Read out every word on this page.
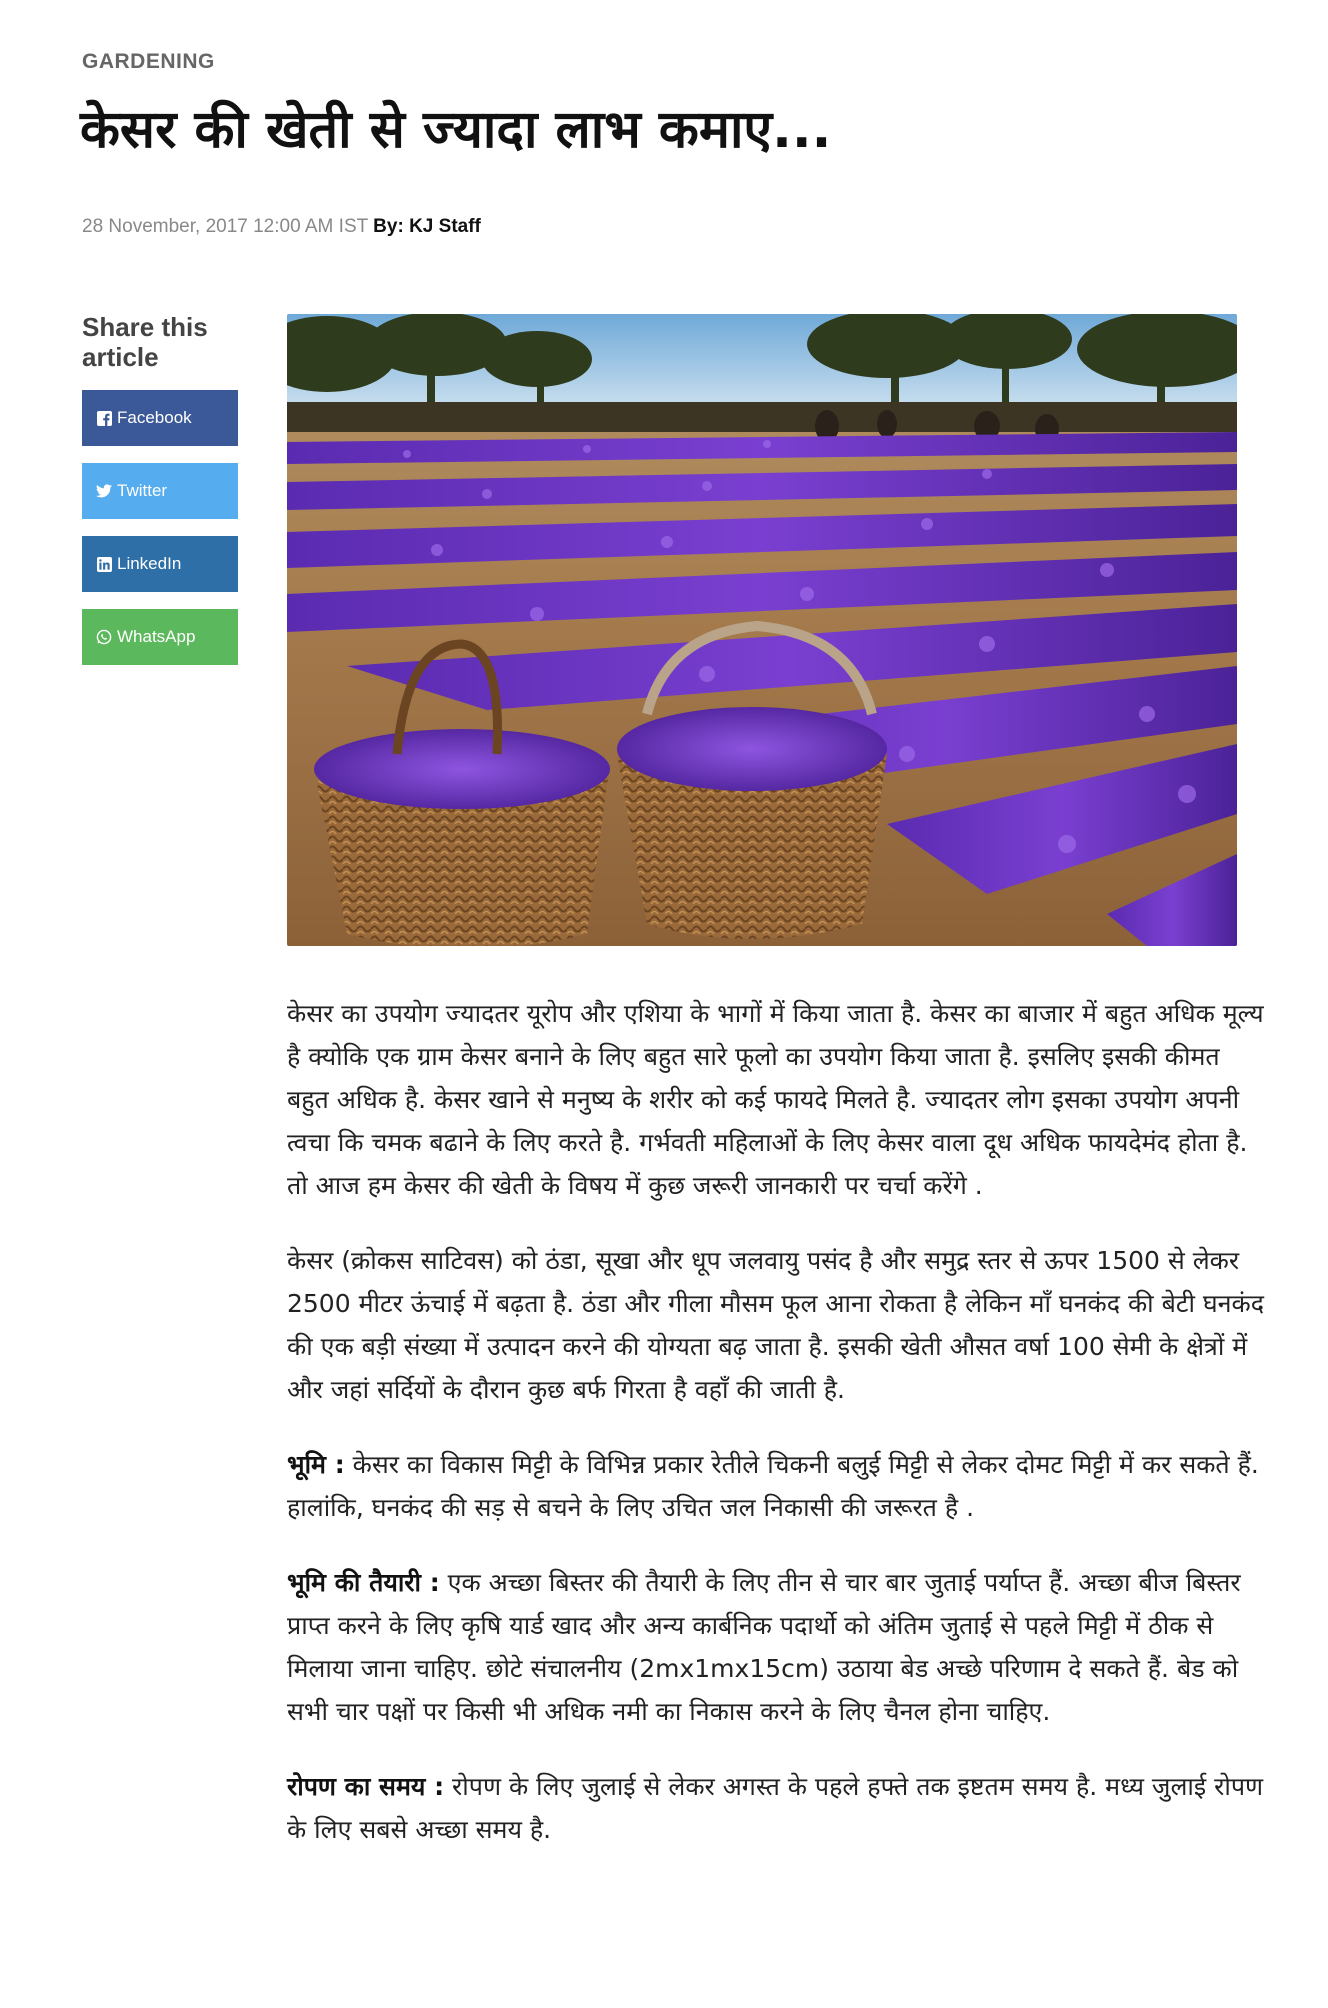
GARDENING
केसर की खेती से ज्यादा लाभ कमाए...
28 November, 2017 12:00 AM IST By: KJ Staff
Share this article
Facebook
Twitter
LinkedIn
WhatsApp

केसर का उपयोग ज्यादतर यूरोप और एशिया के भागों में किया जाता है. केसर का बाजार में बहुत अधिक मूल्य है क्योकि एक ग्राम केसर बनाने के लिए बहुत सारे फूलो का उपयोग किया जाता है. इसलिए इसकी कीमत बहुत अधिक है. केसर खाने से मनुष्य के शरीर को कई फायदे मिलते है. ज्यादतर लोग इसका उपयोग अपनी त्वचा कि चमक बढाने के लिए करते है. गर्भवती महिलाओं के लिए केसर वाला दूध अधिक फायदेमंद होता है. तो आज हम केसर की खेती के विषय में कुछ जरूरी जानकारी पर चर्चा करेंगे .

केसर (क्रोकस साटिवस) को ठंडा, सूखा और धूप जलवायु पसंद है और समुद्र स्तर से ऊपर 1500 से लेकर 2500 मीटर ऊंचाई में बढ़ता है. ठंडा और गीला मौसम फूल आना रोकता है लेकिन माँ घनकंद की बेटी घनकंद की एक बड़ी संख्या में उत्पादन करने की योग्यता बढ़ जाता है. इसकी खेती औसत वर्षा 100 सेमी के क्षेत्रों में और जहां सर्दियों के दौरान कुछ बर्फ गिरता है वहाँ की जाती है.

भूमि : केसर का विकास मिट्टी के विभिन्न प्रकार रेतीले चिकनी बलुई मिट्टी से लेकर दोमट मिट्टी में कर सकते हैं. हालांकि, घनकंद की सड़ से बचने के लिए उचित जल निकासी की जरूरत है .

भूमि की तैयारी : एक अच्छा बिस्तर की तैयारी के लिए तीन से चार बार जुताई पर्याप्त हैं. अच्छा बीज बिस्तर प्राप्त करने के लिए कृषि यार्ड खाद और अन्य कार्बनिक पदार्थो को अंतिम जुताई से पहले मिट्टी में ठीक से मिलाया जाना चाहिए. छोटे संचालनीय (2mx1mx15cm) उठाया बेड अच्छे परिणाम दे सकते हैं. बेड को सभी चार पक्षों पर किसी भी अधिक नमी का निकास करने के लिए चैनल होना चाहिए.

रोपण का समय : रोपण के लिए जुलाई से लेकर अगस्त के पहले हफ्ते तक इष्टतम समय है. मध्य जुलाई रोपण के लिए सबसे अच्छा समय है.
